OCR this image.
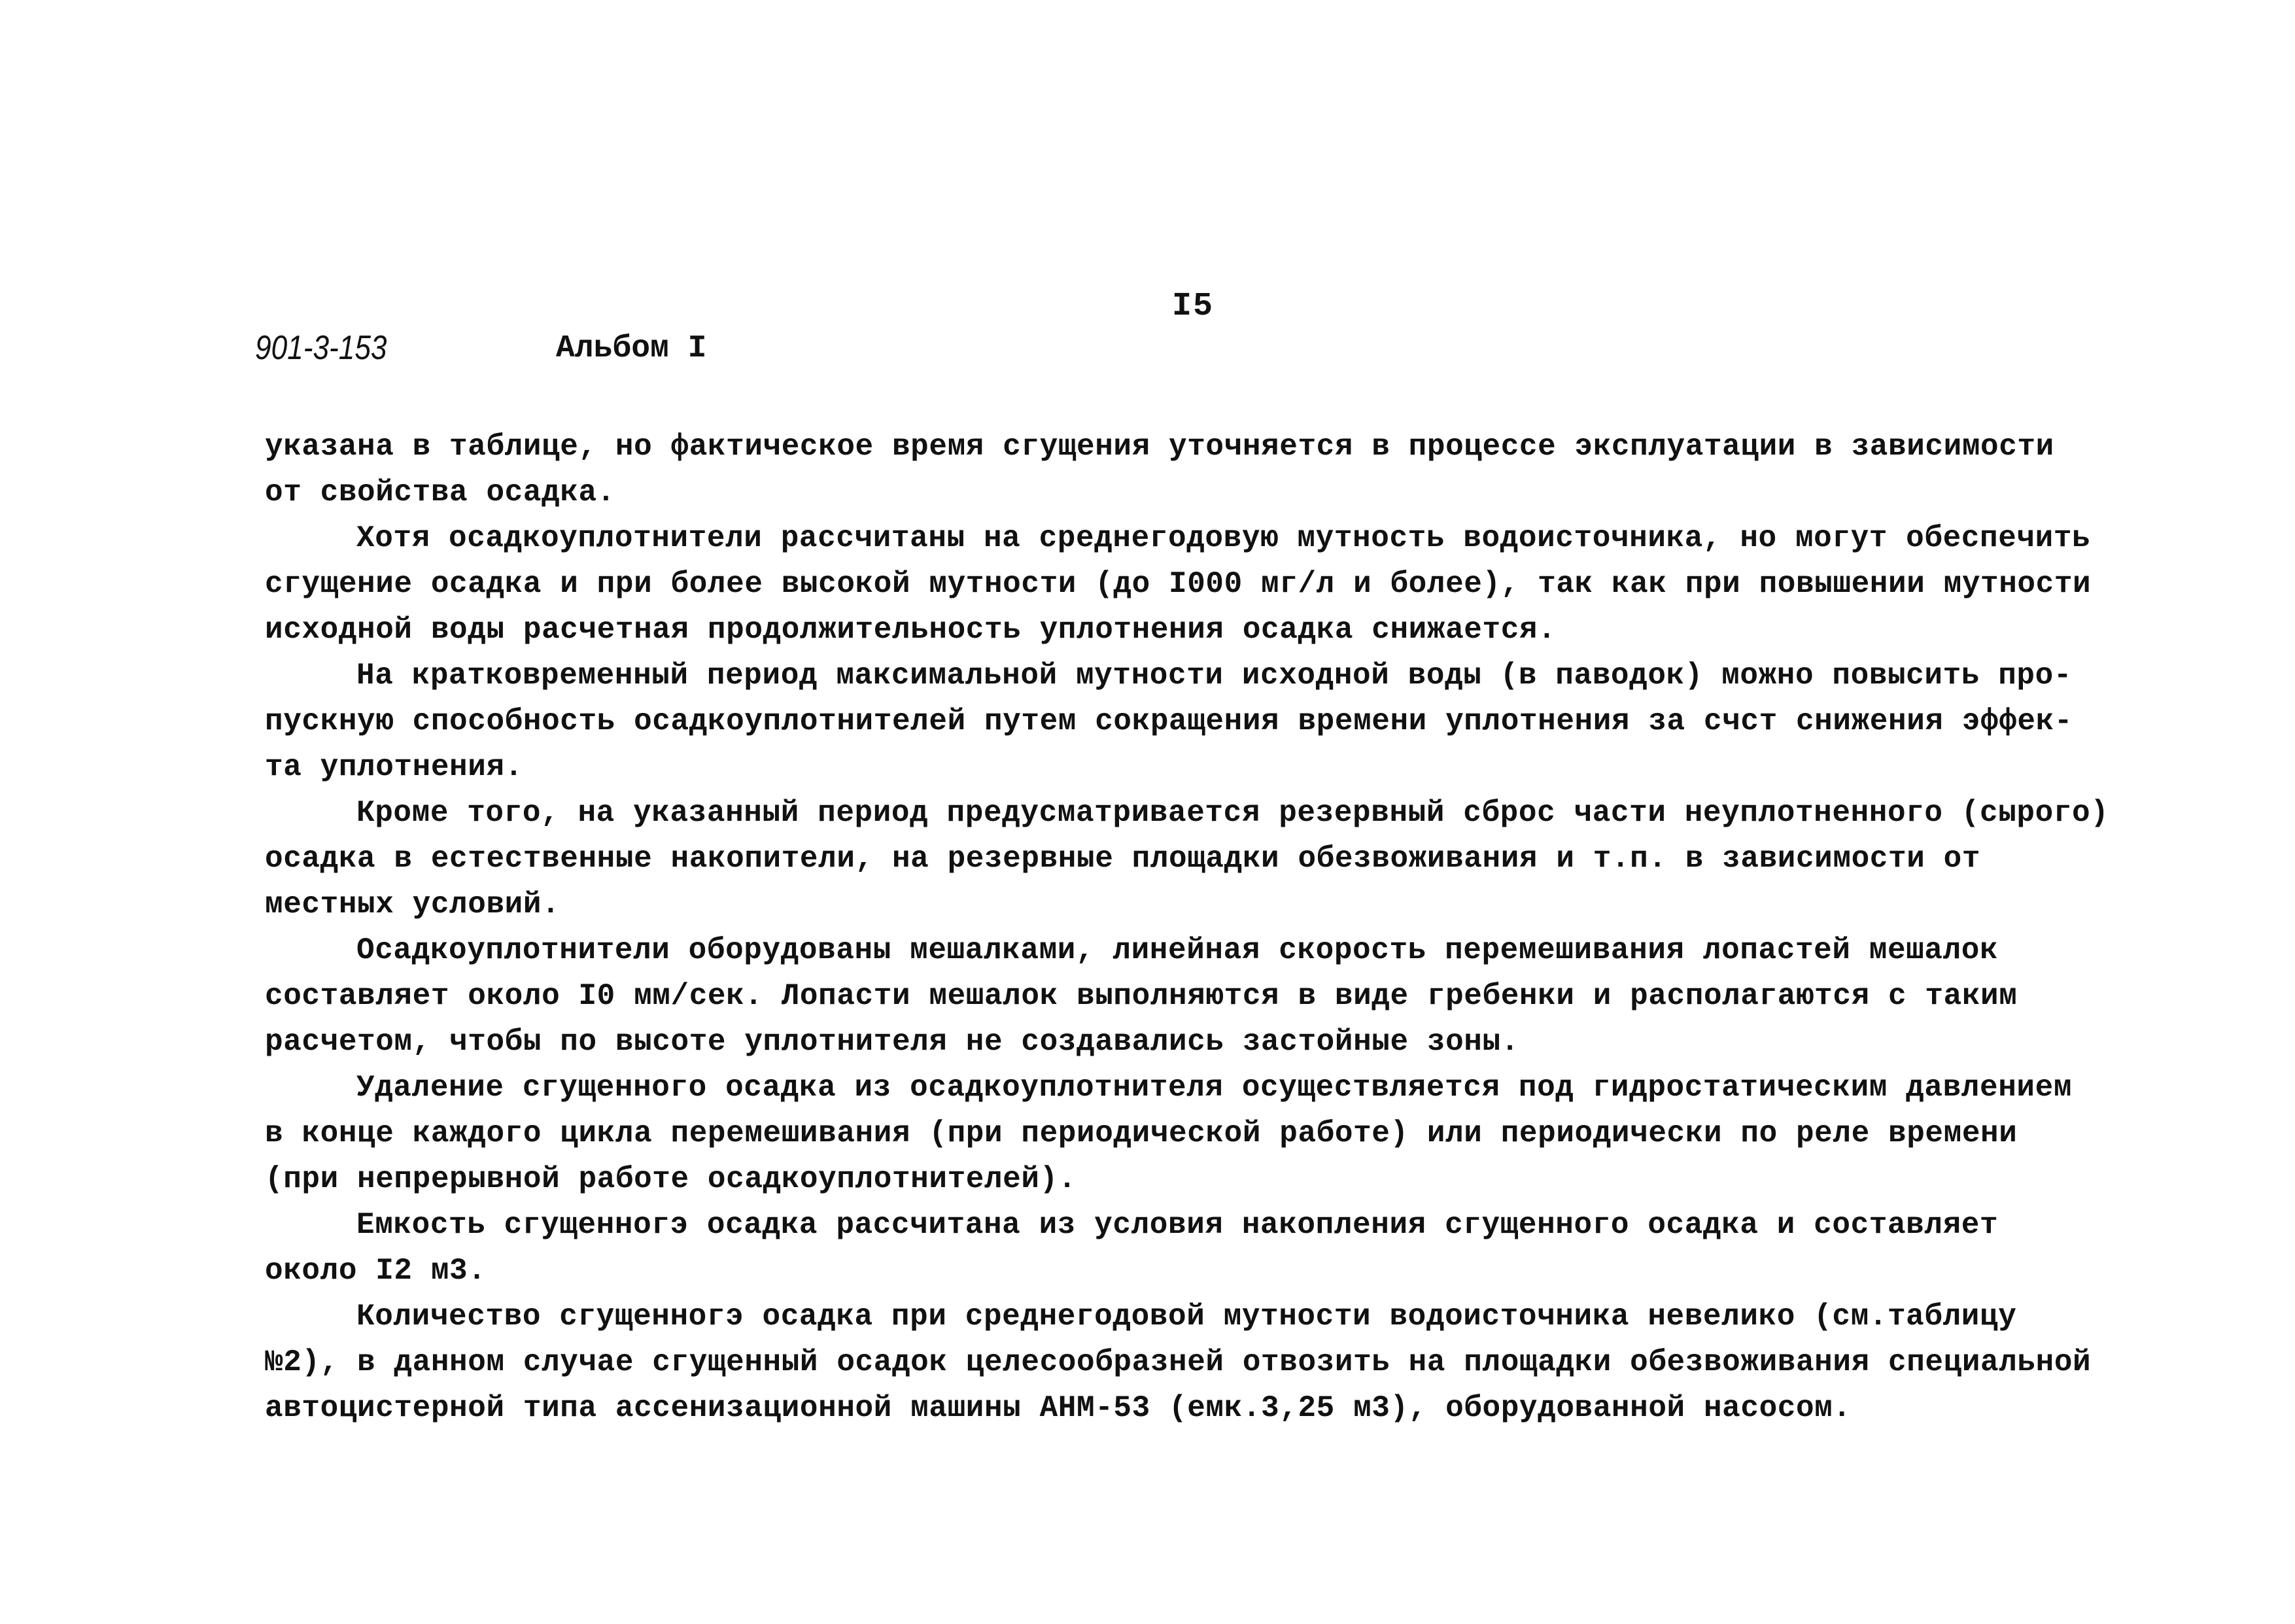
I5
901-3-153	Альбом I
указана в таблице, но фактическое время сгущения уточняется в процессе эксплуатации в зависимости
от свойства осадка.
Хотя осадкоуплотнители рассчитаны на среднегодовую мутность водоисточника, но могут обеспечить
сгущение осадка и при более высокой мутности (до I000 мг/л и более), так как при повышении мутности
исходной воды расчетная продолжительность уплотнения осадка снижается.
На кратковременный период максимальной мутности исходной воды (в паводок) можно повысить про-
пускную способность осадкоуплотнителей путем сокращения времени уплотнения за счст снижения эффек-
та уплотнения.
Кроме того, на указанный период предусматривается резервный сброс части неуплотненного (сырого)
осадка в естественные накопители, на резервные площадки обезвоживания и т.п. в зависимости от
местных условий.
Осадкоуплотнители оборудованы мешалками, линейная скорость перемешивания лопастей мешалок
составляет около I0 мм/сек. Лопасти мешалок выполняются в виде гребенки и располагаются с таким
расчетом, чтобы по высоте уплотнителя не создавались застойные зоны.
Удаление сгущенного осадка из осадкоуплотнителя осуществляется под гидростатическим давлением
в конце каждого цикла перемешивания (при периодической работе) или периодически по реле времени
(при непрерывной работе осадкоуплотнителей).
Емкость сгущенногэ осадка рассчитана из условия накопления сгущенного осадка и составляет
около I2 м3.
Количество сгущенногэ осадка при среднегодовой мутности водоисточника невелико (см.таблицу
№2), в данном случае сгущенный осадок целесообразней отвозить на площадки обезвоживания специальной
автоцистерной типа ассенизационной машины АНМ-53 (емк.3,25 м3), оборудованной насосом.
